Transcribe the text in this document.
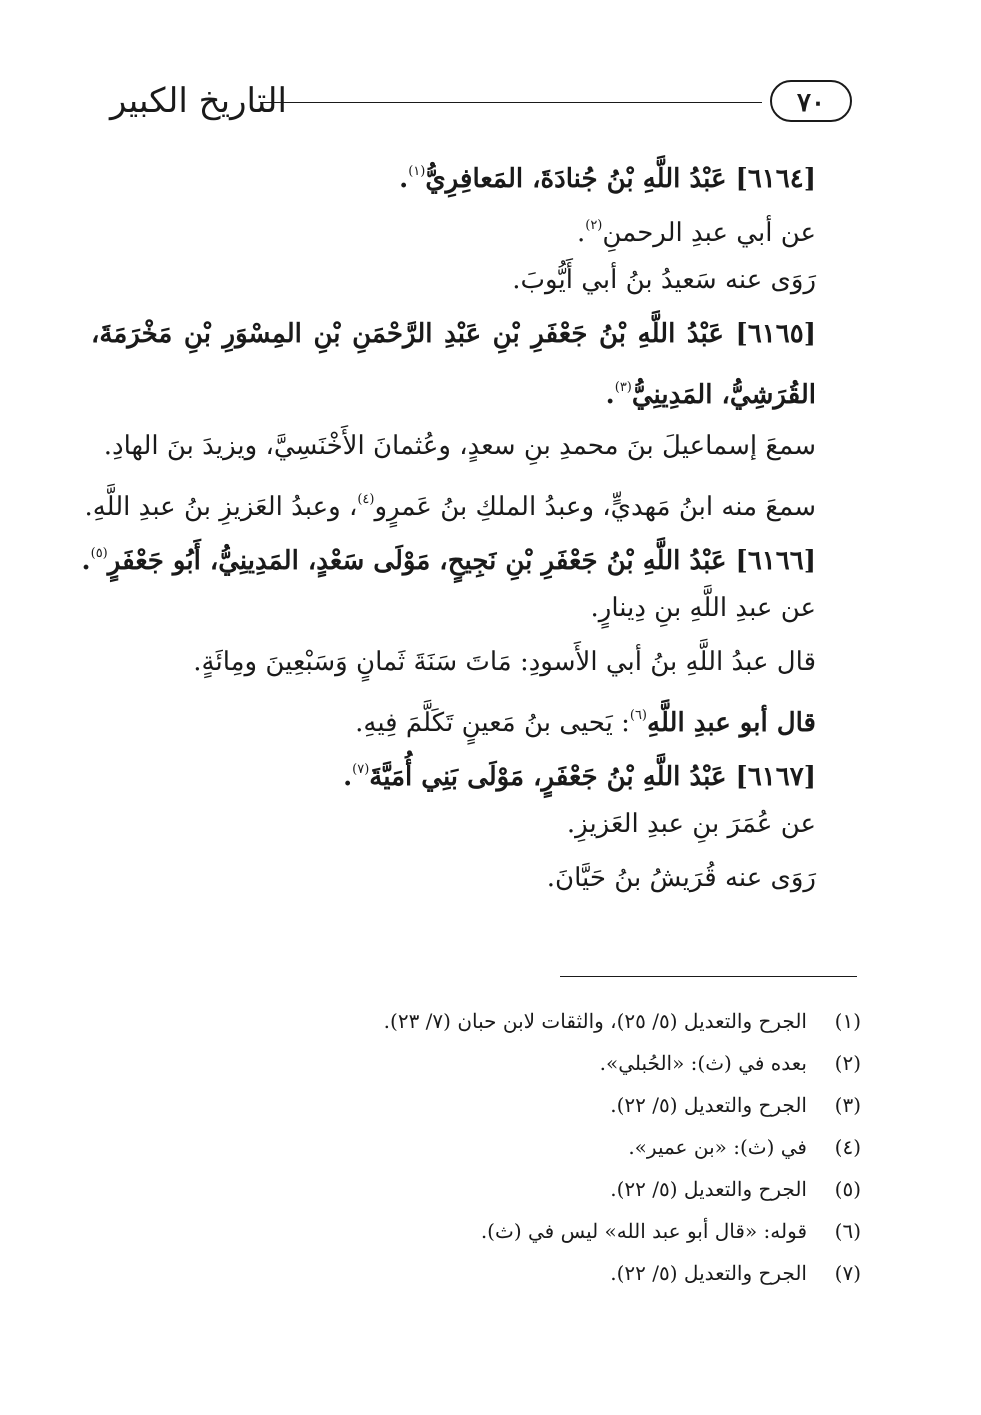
التاريخ الكبير	٧٠
[٦١٦٤] عَبْدُ اللَّهِ بْنُ جُنادَةَ، المَعافِرِيُّ$^{(١)}$.
عن أبي عبدِ الرحمنِ$^{(٢)}$.
رَوَى عنه سَعيدُ بنُ أبي أَيُّوبَ.
[٦١٦٥] عَبْدُ اللَّهِ بْنُ جَعْفَرِ بْنِ عَبْدِ الرَّحْمَنِ بْنِ المِسْوَرِ بْنِ مَخْرَمَةَ،
القُرَشِيُّ، المَدِينِيُّ$^{(٣)}$.
سمعَ إسماعيلَ بنَ محمدِ بنِ سعدٍ، وعُثمانَ الأَخْنَسِيَّ، ويزيدَ بنَ الهادِ.
سمعَ منه ابنُ مَهديٍّ، وعبدُ الملكِ بنُ عَمرٍو$^{(٤)}$، وعبدُ العَزيزِ بنُ عبدِ اللَّهِ.
[٦١٦٦] عَبْدُ اللَّهِ بْنُ جَعْفَرِ بْنِ نَجِيحٍ، مَوْلَى سَعْدٍ، المَدِينِيُّ، أَبُو جَعْفَرٍ$^{(٥)}$.
عن عبدِ اللَّهِ بنِ دِينارٍ.
قال عبدُ اللَّهِ بنُ أبي الأَسودِ: مَاتَ سَنَةَ ثَمانٍ وَسَبْعِينَ ومِائَةٍ.
قال أبو عبدِ اللَّهِ$^{(٦)}$: يَحيى بنُ مَعينٍ تَكَلَّمَ فِيهِ.
[٦١٦٧] عَبْدُ اللَّهِ بْنُ جَعْفَرٍ، مَوْلَى بَنِي أُمَيَّةَ$^{(٧)}$.
عن عُمَرَ بنِ عبدِ العَزيزِ.
رَوَى عنه قُرَيشُ بنُ حَيَّانَ.
(١)الجرح والتعديل (٥/ ٢٥)، والثقات لابن حبان (٧/ ٢٣).
(٢)بعده في (ث): «الحُبلي».
(٣)الجرح والتعديل (٥/ ٢٢).
(٤)في (ث): «بن عمير».
(٥)الجرح والتعديل (٥/ ٢٢).
(٦)قوله: «قال أبو عبد الله» ليس في (ث).
(٧)الجرح والتعديل (٥/ ٢٢).
